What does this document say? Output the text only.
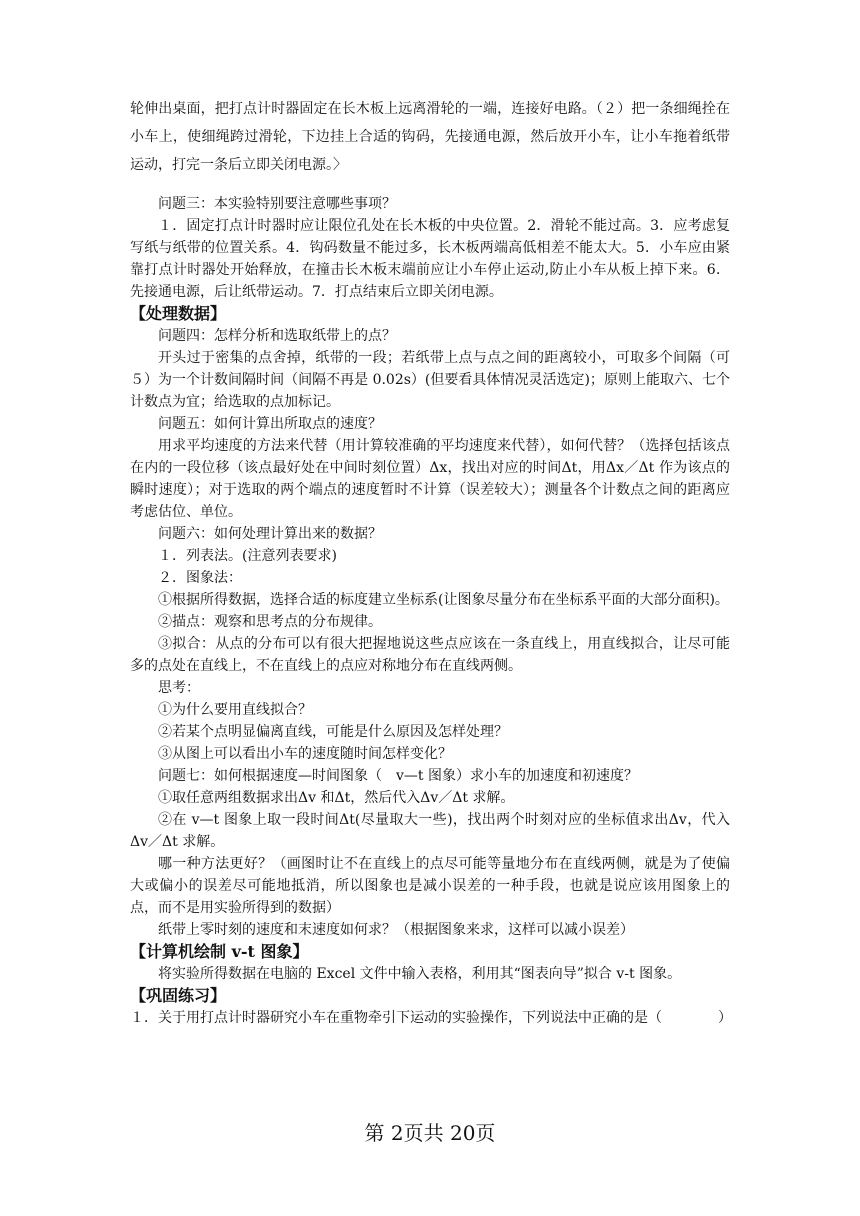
轮伸出桌面，把打点计时器固定在长木板上远离滑轮的一端，连接好电路。（２）把一条细绳拴在小车上，使细绳跨过滑轮，下边挂上合适的钩码，先接通电源，然后放开小车，让小车拖着纸带运动，打完一条后立即关闭电源。〉

问题三：本实验特别要注意哪些事项？

１．固定打点计时器时应让限位孔处在长木板的中央位置。2．滑轮不能过高。3．应考虑复写纸与纸带的位置关系。4．钩码数量不能过多，长木板两端高低相差不能太大。5．小车应由紧靠打点计时器处开始释放，在撞击长木板末端前应让小车停止运动,防止小车从板上掉下来。6．先接通电源，后让纸带运动。7．打点结束后立即关闭电源。

【处理数据】

问题四：怎样分析和选取纸带上的点？

开头过于密集的点舍掉，纸带的一段；若纸带上点与点之间的距离较小，可取多个间隔（可５）为一个计数间隔时间（间隔不再是 0.02s）(但要看具体情况灵活选定)；原则上能取六、七个计数点为宜；给选取的点加标记。

问题五：如何计算出所取点的速度？

用求平均速度的方法来代替（用计算较准确的平均速度来代替），如何代替？（选择包括该点在内的一段位移（该点最好处在中间时刻位置）Δx，找出对应的时间Δt，用Δx／Δt 作为该点的瞬时速度）；对于选取的两个端点的速度暂时不计算（误差较大）；测量各个计数点之间的距离应考虑估位、单位。

问题六：如何处理计算出来的数据？

１．列表法。(注意列表要求)

２．图象法：

①根据所得数据，选择合适的标度建立坐标系(让图象尽量分布在坐标系平面的大部分面积)。

②描点：观察和思考点的分布规律。

③拟合：从点的分布可以有很大把握地说这些点应该在一条直线上，用直线拟合，让尽可能多的点处在直线上，不在直线上的点应对称地分布在直线两侧。

思考：

①为什么要用直线拟合？

②若某个点明显偏离直线，可能是什么原因及怎样处理？

③从图上可以看出小车的速度随时间怎样变化？

问题七：如何根据速度—时间图象（　v—t 图象）求小车的加速度和初速度？

①取任意两组数据求出Δv 和Δt，然后代入Δv／Δt 求解。

②在 v—t 图象上取一段时间Δt(尽量取大一些)，找出两个时刻对应的坐标值求出Δv，代入Δv／Δt 求解。

哪一种方法更好？（画图时让不在直线上的点尽可能等量地分布在直线两侧，就是为了使偏大或偏小的误差尽可能地抵消，所以图象也是减小误差的一种手段，也就是说应该用图象上的点，而不是用实验所得到的数据）

纸带上零时刻的速度和末速度如何求？（根据图象来求，这样可以减小误差）

【计算机绘制 v-t 图象】

将实验所得数据在电脑的 Excel 文件中输入表格，利用其“图表向导”拟合 v-t 图象。

【巩固练习】

１．关于用打点计时器研究小车在重物牵引下运动的实验操作，下列说法中正确的是（　　　　）

第 2页共 20页
